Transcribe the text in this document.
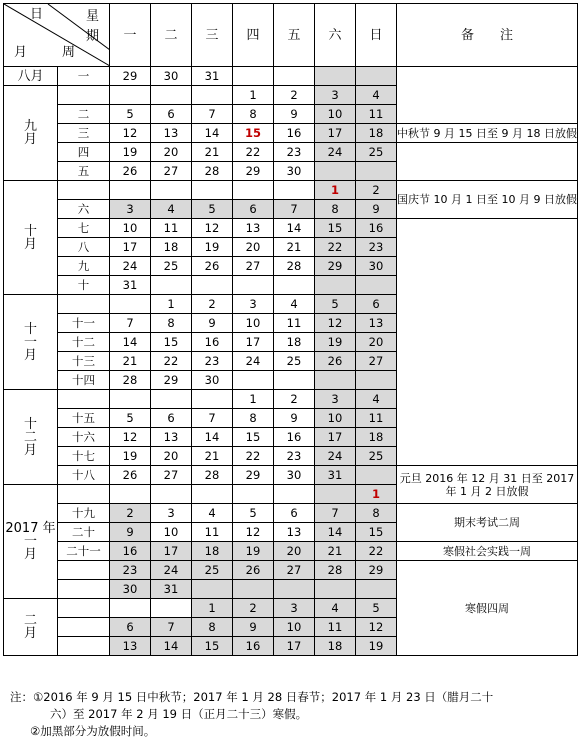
日 星
期
月 周		一	二	三	四	五	六	日	备　　注
八月	一	29	30	31					

九
月					1	2	3	4	
	二	5	6	7	8	9	10	11	
	三	12	13	14	15	16	17	18	中秋节 9 月 15 日至 9 月 18 日放假
	四	19	20	21	22	23	24	25	
	五	26	27	28	29	30			

十
月							1	2	国庆节 10 月 1 日至 10 月 9 日放假
	六	3	4	5	6	7	8	9	
	七	10	11	12	13	14	15	16	
	八	17	18	19	20	21	22	23	
	九	24	25	26	27	28	29	30	
	十	31							

十
一
月			1	2	3	4	5	6	
	十一	7	8	9	10	11	12	13	
	十二	14	15	16	17	18	19	20	
	十三	21	22	23	24	25	26	27	
	十四	28	29	30					

十
二
月					1	2	3	4	
	十五	5	6	7	8	9	10	11	
	十六	12	13	14	15	16	17	18	
	十七	19	20	21	22	23	24	25	
	十八	26	27	28	29	30	31		元旦 2016 年 12 月 31 日至 2017 年 1 月 2 日放假

2017 年
一
月								1	
	十九	2	3	4	5	6	7	8	期末考试二周
	二十	9	10	11	12	13	14	15	
	二十一	16	17	18	19	20	21	22	寒假社会实践一周
		23	24	25	26	27	28	29	寒假四周
		30	31						

二
月				1	2	3	4	5	
		6	7	8	9	10	11	12	
		13	14	15	16	17	18	19	
注：①2016 年 9 月 15 日中秋节；2017 年 1 月 28 日春节；2017 年 1 月 23 日（腊月二十
六）至 2017 年 2 月 19 日（正月二十三）寒假。
②加黑部分为放假时间。
